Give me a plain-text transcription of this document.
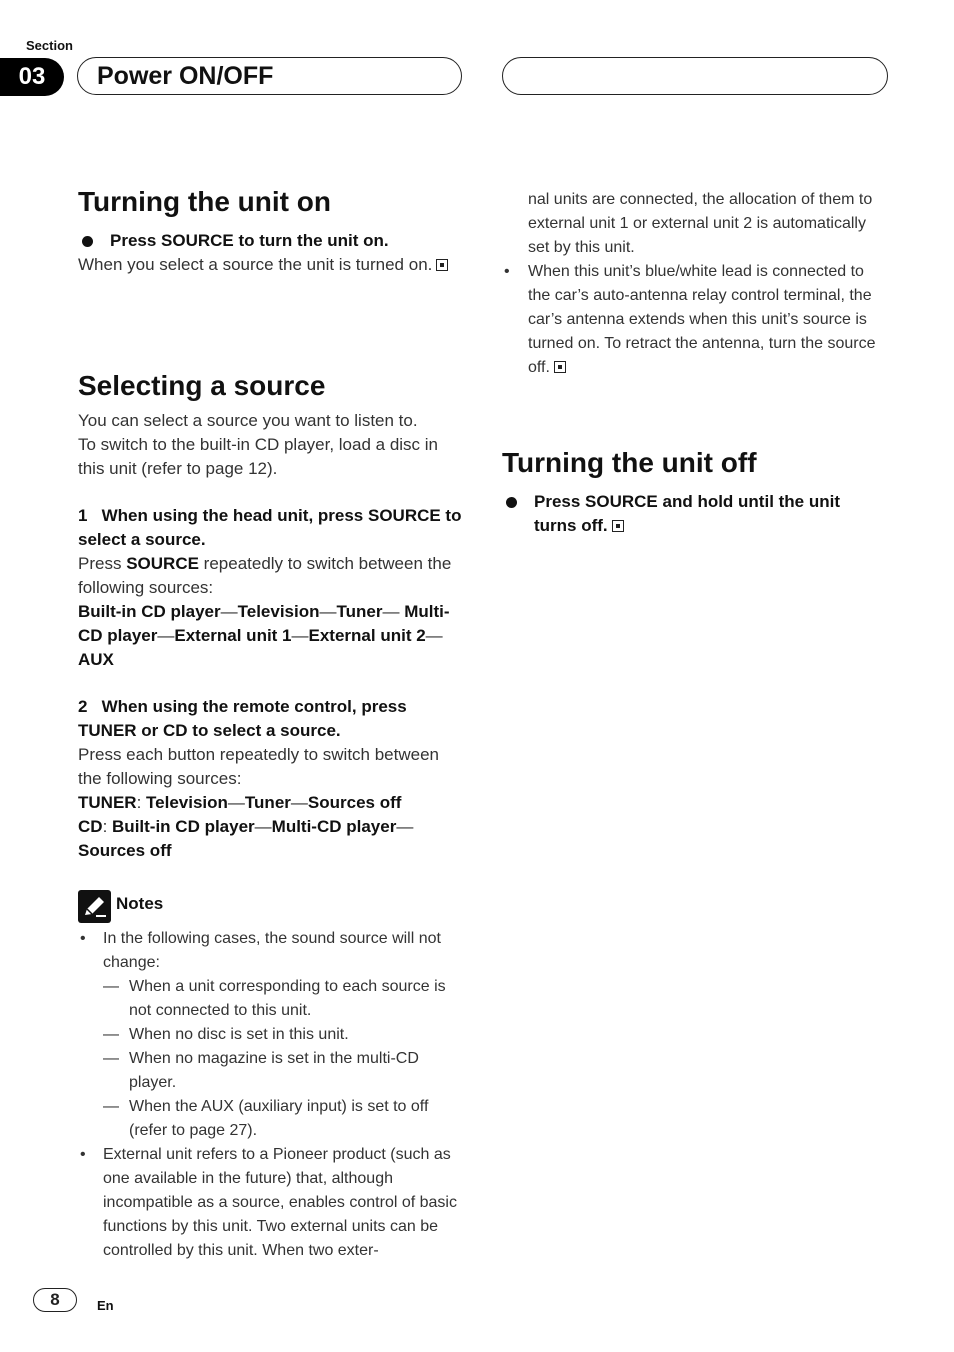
Section
03	Power ON/OFF
Turning the unit on
Press SOURCE to turn the unit on.
When you select a source the unit is turned on.
Selecting a source
You can select a source you want to listen to.
To switch to the built-in CD player, load a disc in this unit (refer to page 12).
1   When using the head unit, press SOURCE to select a source.
Press SOURCE repeatedly to switch between the following sources:
Built-in CD player—Television—Tuner— Multi-CD player—External unit 1—External unit 2—AUX
2   When using the remote control, press TUNER or CD to select a source.
Press each button repeatedly to switch between the following sources:
TUNER: Television—Tuner—Sources off
CD: Built-in CD player—Multi-CD player— Sources off
Notes
• In the following cases, the sound source will not change:
— When a unit corresponding to each source is not connected to this unit.
— When no disc is set in this unit.
— When no magazine is set in the multi-CD player.
— When the AUX (auxiliary input) is set to off (refer to page 27).
• External unit refers to a Pioneer product (such as one available in the future) that, although incompatible as a source, enables control of basic functions by this unit. Two external units can be controlled by this unit. When two exter-
nal units are connected, the allocation of them to external unit 1 or external unit 2 is automatically set by this unit.
• When this unit’s blue/white lead is connected to the car’s auto-antenna relay control terminal, the car’s antenna extends when this unit’s source is turned on. To retract the antenna, turn the source off.
Turning the unit off
Press SOURCE and hold until the unit turns off.
8	En
